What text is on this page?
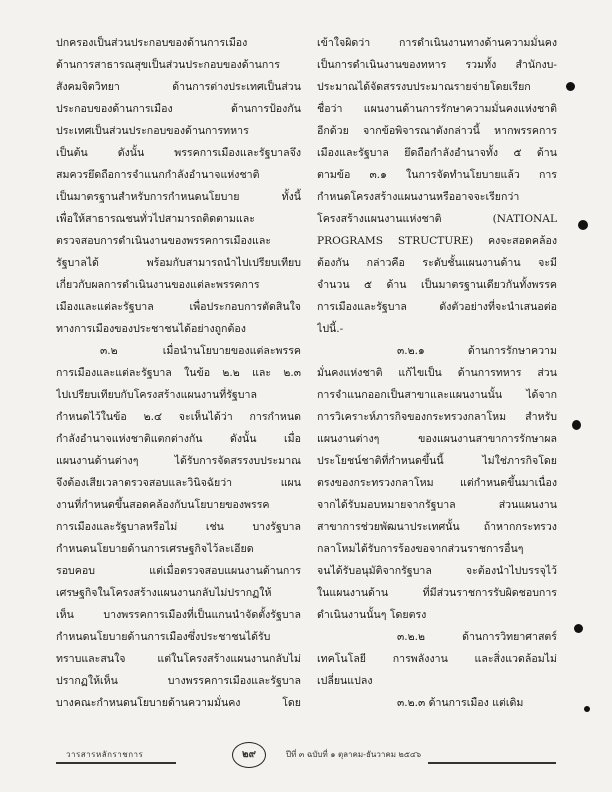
ปกครองเป็นส่วนประกอบของด้านการเมือง
ด้านการสาธารณสุขเป็นส่วนประกอบของด้านการ
สังคมจิตวิทยา ด้านการต่างประเทศเป็นส่วน
ประกอบของด้านการเมือง ด้านการป้องกัน
ประเทศเป็นส่วนประกอบของด้านการทหาร
เป็นต้น ดังนั้น พรรคการเมืองและรัฐบาลจึง
สมควรยึดถือการจำแนกกำลังอำนาจแห่งชาติ
เป็นมาตรฐานสำหรับการกำหนดนโยบาย ทั้งนี้
เพื่อให้สาธารณชนทั่วไปสามารถติดตามและ
ตรวจสอบการดำเนินงานของพรรคการเมืองและ
รัฐบาลได้ พร้อมกับสามารถนำไปเปรียบเทียบ
เกี่ยวกับผลการดำเนินงานของแต่ละพรรคการ
เมืองและแต่ละรัฐบาล เพื่อประกอบการตัดสินใจ
ทางการเมืองของประชาชนได้อย่างถูกต้อง
๓.๒ เมื่อนำนโยบายของแต่ละพรรค
การเมืองและแต่ละรัฐบาล ในข้อ ๒.๒ และ ๒.๓
ไปเปรียบเทียบกับโครงสร้างแผนงานที่รัฐบาล
กำหนดไว้ในข้อ ๒.๔ จะเห็นได้ว่า การกำหนด
กำลังอำนาจแห่งชาติแตกต่างกัน ดังนั้น เมื่อ
แผนงานด้านต่างๆ ได้รับการจัดสรรงบประมาณ
จึงต้องเสียเวลาตรวจสอบและวินิจฉัยว่า แผน
งานที่กำหนดขึ้นสอดคล้องกับนโยบายของพรรค
การเมืองและรัฐบาลหรือไม่ เช่น บางรัฐบาล
กำหนดนโยบายด้านการเศรษฐกิจไว้ละเอียด
รอบคอบ แต่เมื่อตรวจสอบแผนงานด้านการ
เศรษฐกิจในโครงสร้างแผนงานกลับไม่ปรากฏให้
เห็น บางพรรคการเมืองที่เป็นแกนนำจัดตั้งรัฐบาล
กำหนดนโยบายด้านการเมืองซึ่งประชาชนได้รับ
ทราบและสนใจ แต่ในโครงสร้างแผนงานกลับไม่
ปรากฏให้เห็น บางพรรคการเมืองและรัฐบาล
บางคณะกำหนดนโยบายด้านความมั่นคง โดย
เข้าใจผิดว่า การดำเนินงานทางด้านความมั่นคง
เป็นการดำเนินงานของทหาร รวมทั้ง สำนักงบ-
ประมาณได้จัดสรรงบประมาณรายจ่ายโดยเรียก
ชื่อว่า แผนงานด้านการรักษาความมั่นคงแห่งชาติ
อีกด้วย จากข้อพิจารณาดังกล่าวนี้ หากพรรคการ
เมืองและรัฐบาล ยึดถือกำลังอำนาจทั้ง ๕ ด้าน
ตามข้อ ๓.๑ ในการจัดทำนโยบายแล้ว การ
กำหนดโครงสร้างแผนงานหรืออาจจะเรียกว่า
โครงสร้างแผนงานแห่งชาติ (NATIONAL
PROGRAMS STRUCTURE) คงจะสอดคล้อง
ต้องกัน กล่าวคือ ระดับชั้นแผนงานด้าน จะมี
จำนวน ๕ ด้าน เป็นมาตรฐานเดียวกันทั้งพรรค
การเมืองและรัฐบาล ดังตัวอย่างที่จะนำเสนอต่อ
ไปนี้.-
๓.๒.๑ ด้านการรักษาความ
มั่นคงแห่งชาติ แก้ไขเป็น ด้านการทหาร ส่วน
การจำแนกออกเป็นสาขาและแผนงานนั้น ได้จาก
การวิเคราะห์ภารกิจของกระทรวงกลาโหม สำหรับ
แผนงานต่างๆ ของแผนงานสาขาการรักษาผล
ประโยชน์ชาติที่กำหนดขึ้นนี้ ไม่ใช่ภารกิจโดย
ตรงของกระทรวงกลาโหม แต่กำหนดขึ้นมาเนื่อง
จากได้รับมอบหมายจากรัฐบาล ส่วนแผนงาน
สาขาการช่วยพัฒนาประเทศนั้น ถ้าหากกระทรวง
กลาโหมได้รับการร้องขอจากส่วนราชการอื่นๆ
จนได้รับอนุมัติจากรัฐบาล จะต้องนำไปบรรจุไว้
ในแผนงานด้าน ที่มีส่วนราชการรับผิดชอบการ
ดำเนินงานนั้นๆ โดยตรง
๓.๒.๒ ด้านการวิทยาศาสตร์
เทคโนโลยี การพลังงาน และสิ่งแวดล้อมไม่
เปลี่ยนแปลง
๓.๒.๓ ด้านการเมือง แต่เดิม
วารสารหลักราชการ	๒๙	ปีที่ ๓ ฉบับที่ ๑ ตุลาคม-ธันวาคม ๒๕๔๖
